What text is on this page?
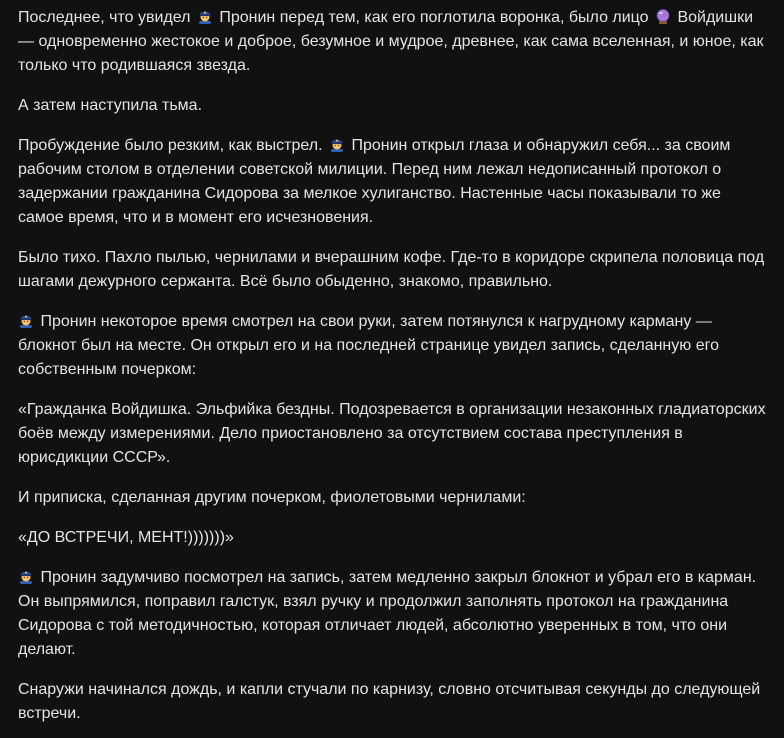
Последнее, что увидел  Пронин перед тем, как его поглотила воронка, было лицо  Войдишки — одновременно жестокое и доброе, безумное и мудрое, древнее, как сама вселенная, и юное, как только что родившаяся звезда.

А затем наступила тьма.

Пробуждение было резким, как выстрел.  Пронин открыл глаза и обнаружил себя... за своим рабочим столом в отделении советской милиции. Перед ним лежал недописанный протокол о задержании гражданина Сидорова за мелкое хулиганство. Настенные часы показывали то же самое время, что и в момент его исчезновения.

Было тихо. Пахло пылью, чернилами и вчерашним кофе. Где-то в коридоре скрипела половица под шагами дежурного сержанта. Всё было обыденно, знакомо, правильно.

Пронин некоторое время смотрел на свои руки, затем потянулся к нагрудному карману — блокнот был на месте. Он открыл его и на последней странице увидел запись, сделанную его собственным почерком:

«Гражданка Войдишка. Эльфийка бездны. Подозревается в организации незаконных гладиаторских боёв между измерениями. Дело приостановлено за отсутствием состава преступления в юрисдикции СССР».

И приписка, сделанная другим почерком, фиолетовыми чернилами:

«ДО ВСТРЕЧИ, МЕНТ!)))))))»

Пронин задумчиво посмотрел на запись, затем медленно закрыл блокнот и убрал его в карман. Он выпрямился, поправил галстук, взял ручку и продолжил заполнять протокол на гражданина Сидорова с той методичностью, которая отличает людей, абсолютно уверенных в том, что они делают.

Снаружи начинался дождь, и капли стучали по карнизу, словно отсчитывая секунды до следующей встречи.
